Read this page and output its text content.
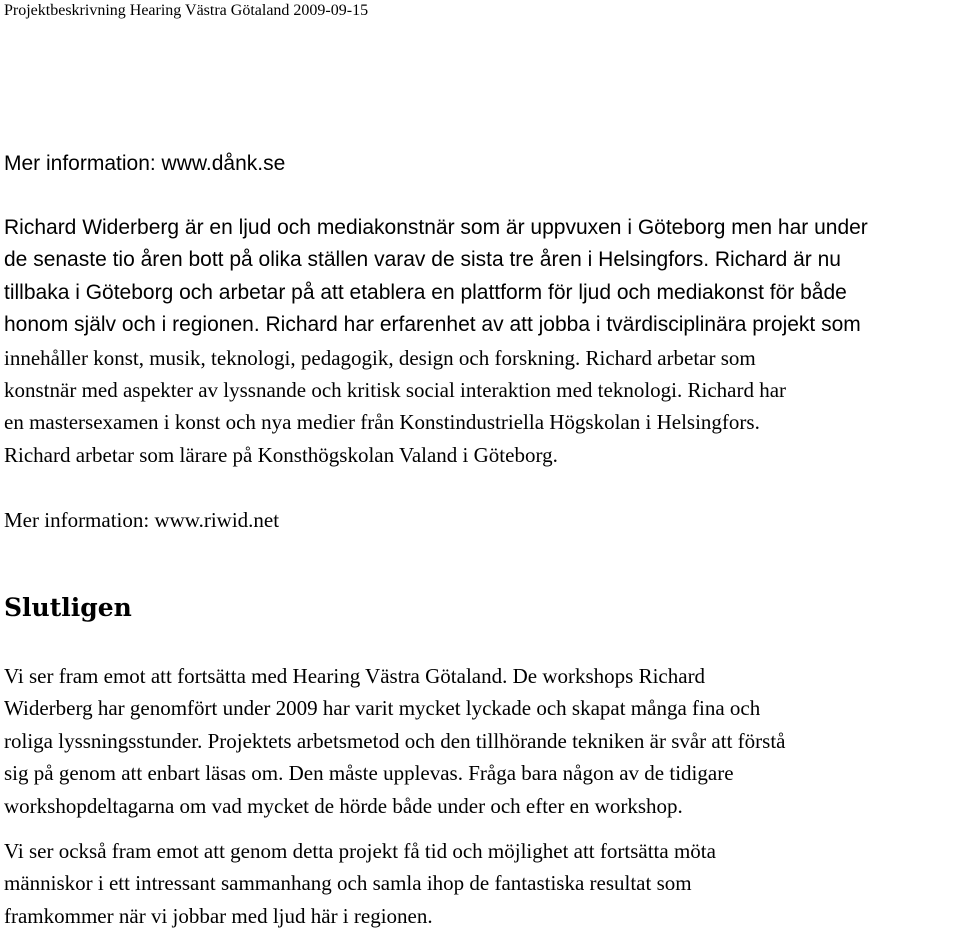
Projektbeskrivning Hearing Västra Götaland 2009-09-15
Mer information: www.dånk.se
Richard Widerberg är en ljud och mediakonstnär som är uppvuxen i Göteborg men har under
de senaste tio åren bott på olika ställen varav de sista tre åren i Helsingfors. Richard är nu
tillbaka i Göteborg och arbetar på att etablera en plattform för ljud och mediakonst för både
honom själv och i regionen. Richard har erfarenhet av att jobba i tvärdisciplinära projekt som
innehåller konst, musik, teknologi, pedagogik, design och forskning. Richard arbetar som
konstnär med aspekter av lyssnande och kritisk social interaktion med teknologi. Richard har
en mastersexamen i konst och nya medier från Konstindustriella Högskolan i Helsingfors.
Richard arbetar som lärare på Konsthögskolan Valand i Göteborg.
Mer information: www.riwid.net
Slutligen
Vi ser fram emot att fortsätta med Hearing Västra Götaland. De workshops Richard
Widerberg har genomfört under 2009 har varit mycket lyckade och skapat många fina och
roliga lyssningsstunder. Projektets arbetsmetod och den tillhörande tekniken är svår att förstå
sig på genom att enbart läsas om. Den måste upplevas. Fråga bara någon av de tidigare
workshopdeltagarna om vad mycket de hörde både under och efter en workshop.
Vi ser också fram emot att genom detta projekt få tid och möjlighet att fortsätta möta
människor i ett intressant sammanhang och samla ihop de fantastiska resultat som
framkommer när vi jobbar med ljud här i regionen.
